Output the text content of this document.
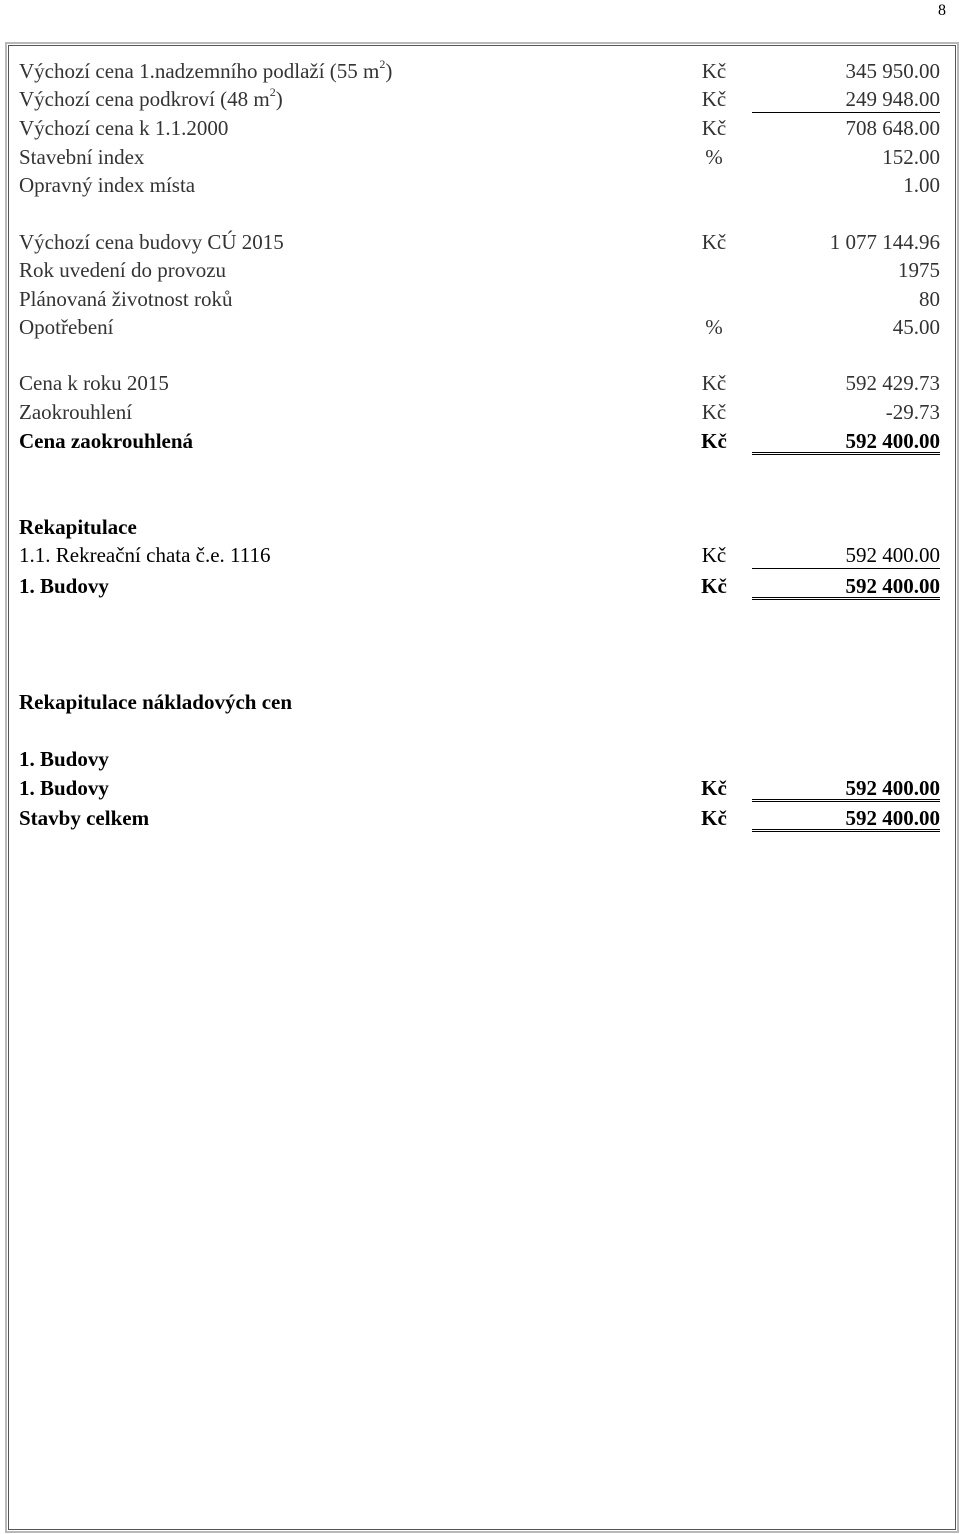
8
Výchozí cena 1.nadzemního podlaží (55 $m^2$)	Kč	345 950.00
Výchozí cena podkroví (48 $m^2$)	Kč	249 948.00
Výchozí cena k 1.1.2000	Kč	708 648.00
Stavební index	%	152.00
Opravný index místa	1.00
Výchozí cena budovy CÚ 2015	Kč	1 077 144.96
Rok uvedení do provozu	1975
Plánovaná životnost roků	80
Opotřebení	%	45.00
Cena k roku 2015	Kč	592 429.73
Zaokrouhlení	Kč	-29.73
Cena zaokrouhlená	Kč	592 400.00
Rekapitulace
1.1. Rekreační chata č.e. 1116	Kč	592 400.00
1. Budovy	Kč	592 400.00
Rekapitulace nákladových cen
1. Budovy
1. Budovy	Kč	592 400.00
Stavby celkem	Kč	592 400.00
